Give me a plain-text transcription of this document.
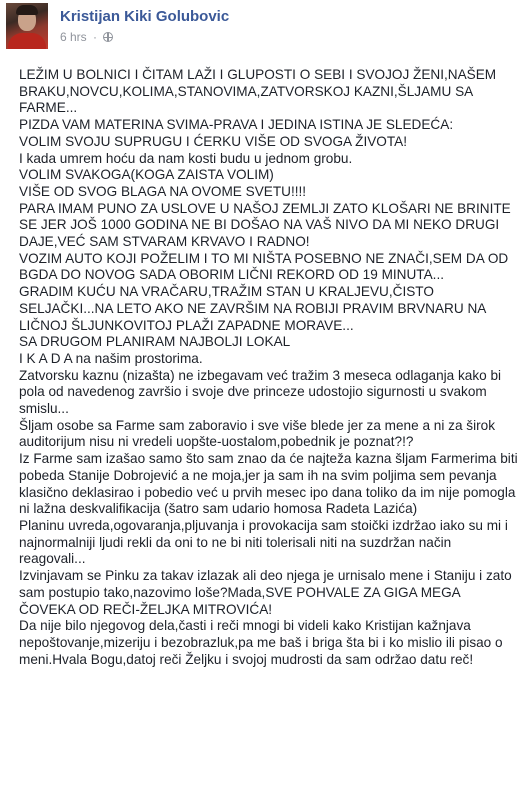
Kristijan Kiki Golubovic
6 hrs ·

LEŽIM U BOLNICI I ČITAM LAŽI I GLUPOSTI O SEBI I SVOJOJ ŽENI,NAŠEM BRAKU,NOVCU,KOLIMA,STANOVIMA,ZATVORSKOJ KAZNI,ŠLJAMU SA FARME...

PIZDA VAM MATERINA SVIMA-PRAVA I JEDINA ISTINA JE SLEDEĆA:

VOLIM SVOJU SUPRUGU I ĆERKU VIŠE OD SVOGA ŽIVOTA!
I kada umrem hoću da nam kosti budu u jednom grobu.
VOLIM SVAKOGA(KOGA ZAISTA VOLIM)
VIŠE OD SVOG BLAGA NA OVOME SVETU!!!!
PARA IMAM PUNO ZA USLOVE U NAŠOJ ZEMLJI ZATO KLOŠARI NE BRINITE SE JER JOŠ 1000 GODINA NE BI DOŠAO NA VAŠ NIVO DA MI NEKO DRUGI DAJE,VEĆ SAM STVARAM KRVAVO I RADNO!
VOZIM AUTO KOJI POŽELIM I TO MI NIŠTA POSEBNO NE ZNAČI,SEM DA OD BGDA DO NOVOG SADA OBORIM LIČNI REKORD OD 19 MINUTA...
GRADIM KUĆU NA VRAČARU,TRAŽIM STAN U KRALJEVU,ČISTO SELJAČKI...NA LETO AKO NE ZAVRŠIM NA ROBIJI PRAVIM BRVNARU NA LIČNOJ ŠLJUNKOVITOJ PLAŽI ZAPADNE MORAVE...
SA DRUGOM PLANIRAM NAJBOLJI LOKAL
I K A D A na našim prostorima.
Zatvorsku kaznu (nizašta) ne izbegavam već tražim 3 meseca odlaganja kako bi pola od navedenog završio i svoje dve princeze udostojio sigurnosti u svakom smislu...
Šljam osobe sa Farme sam zaboravio i sve više blede jer za mene a ni za širok auditorijum nisu ni vredeli uopšte-uostalom,pobednik je poznat?!?
Iz Farme sam izašao samo što sam znao da će najteža kazna šljam Farmerima biti pobeda Stanije Dobrojević a ne moja,jer ja sam ih na svim poljima sem pevanja klasično deklasirao i pobedio već u prvih mesec ipo dana toliko da im nije pomogla ni lažna deskvalifikacija (šatro sam udario homosa Radeta Lazića)
Planinu uvreda,ogovaranja,pljuvanja i provokacija sam stoički izdržao iako su mi i najnormalniji ljudi rekli da oni to ne bi niti tolerisali niti na suzdržan način reagovali...
Izvinjavam se Pinku za takav izlazak ali deo njega je urnisalo mene i Staniju i zato sam postupio tako,nazovimo loše?Mada,SVE POHVALE ZA GIGA MEGA ČOVEKA OD REČI-ŽELJKA MITROVIĆA!
Da nije bilo njegovog dela,časti i reči mnogi bi videli kako Kristijan kažnjava nepoštovanje,mizeriju i bezobrazluk,pa me baš i briga šta bi i ko mislio ili pisao o meni.Hvala Bogu,datoj reči Željku i svojoj mudrosti da sam održao datu reč!
